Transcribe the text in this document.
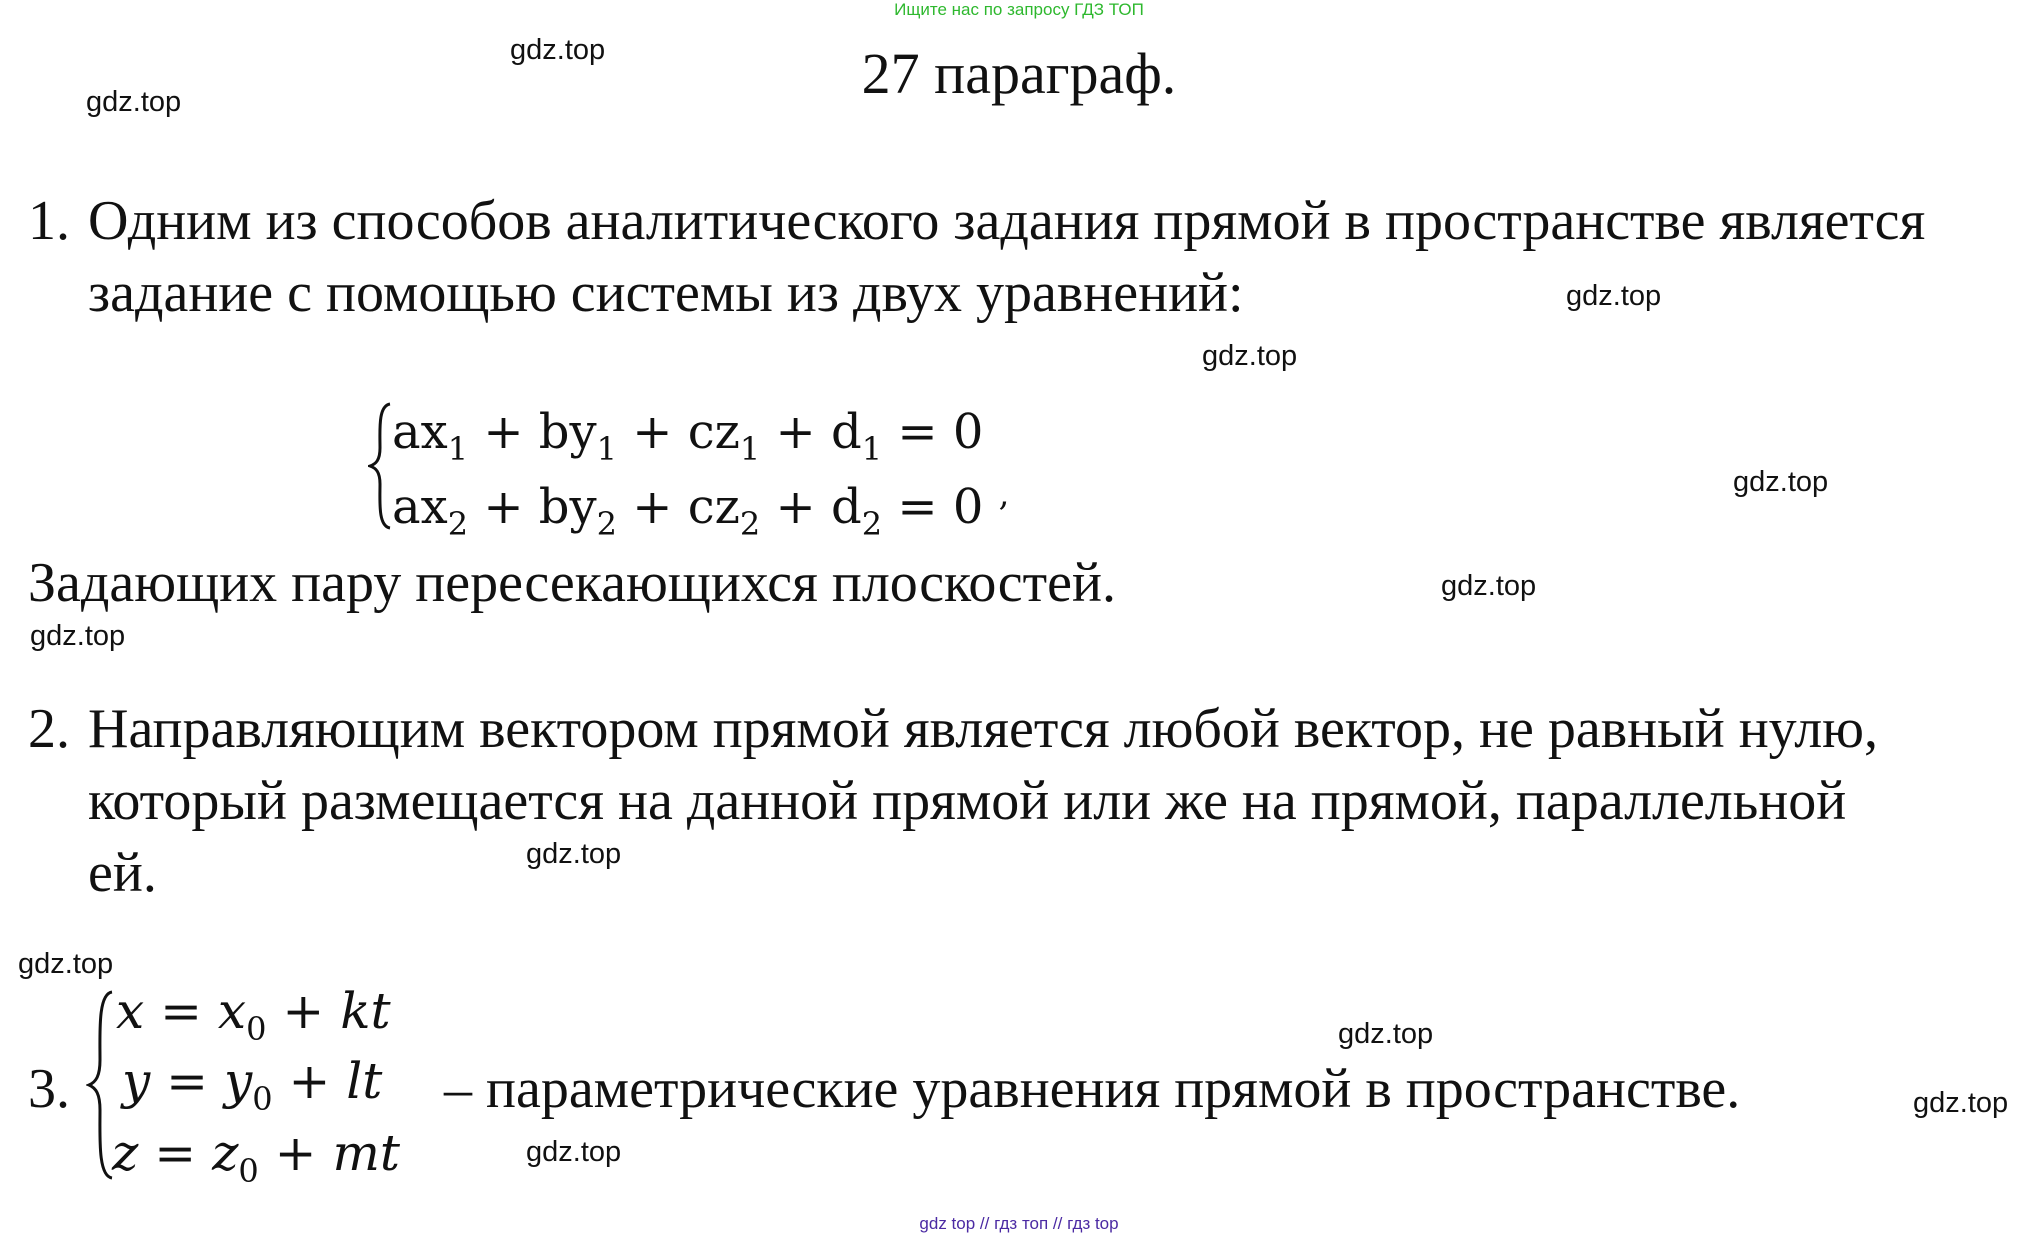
Ищите нас по запросу ГДЗ ТОП
27 параграф.
gdz.top
gdz.top
gdz.top
gdz.top
gdz.top
gdz.top
gdz.top
gdz.top
gdz.top
gdz.top
gdz.top
gdz.top
1. Одним из способов аналитического задания прямой в пространстве является
задание с помощью системы из двух уравнений:
$ax_1 + by_1 + cz_1 + d_1 = 0$
$ax_2 + by_2 + cz_2 + d_2 = 0$ ,
Задающих пару пересекающихся плоскостей.
2. Направляющим вектором прямой является любой вектор, не равный нулю,
который размещается на данной прямой или же на прямой, параллельной
ей.
3.
$x = x_0$ + kt
$y = y_0$ + lt
$z = z_0$ + mt
– параметрические уравнения прямой в пространстве.
gdz top // гдз топ // гдз top
